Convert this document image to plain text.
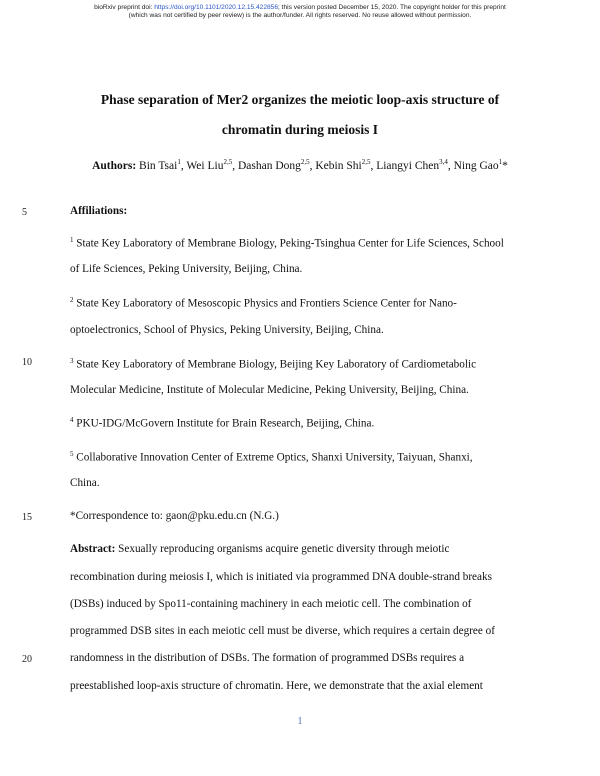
bioRxiv preprint doi: https://doi.org/10.1101/2020.12.15.422856; this version posted December 15, 2020. The copyright holder for this preprint
(which was not certified by peer review) is the author/funder. All rights reserved. No reuse allowed without permission.
Phase separation of Mer2 organizes the meiotic loop-axis structure of
chromatin during meiosis I
Authors: Bin Tsai$^1$, Wei Liu$^{2,5}$, Dashan Dong$^{2,5}$, Kebin Shi$^{2,5}$, Liangyi Chen$^{3,4}$, Ning Gao$^1$*
5
10
15
20
Affiliations:
$^1$ State Key Laboratory of Membrane Biology, Peking-Tsinghua Center for Life Sciences, School
of Life Sciences, Peking University, Beijing, China.
$^2$ State Key Laboratory of Mesoscopic Physics and Frontiers Science Center for Nano-
optoelectronics, School of Physics, Peking University, Beijing, China.
$^3$ State Key Laboratory of Membrane Biology, Beijing Key Laboratory of Cardiometabolic
Molecular Medicine, Institute of Molecular Medicine, Peking University, Beijing, China.
$^4$ PKU-IDG/McGovern Institute for Brain Research, Beijing, China.
$^5$ Collaborative Innovation Center of Extreme Optics, Shanxi University, Taiyuan, Shanxi,
China.
*Correspondence to: gaon@pku.edu.cn (N.G.)
Abstract: Sexually reproducing organisms acquire genetic diversity through meiotic
recombination during meiosis I, which is initiated via programmed DNA double-strand breaks
(DSBs) induced by Spo11-containing machinery in each meiotic cell. The combination of
programmed DSB sites in each meiotic cell must be diverse, which requires a certain degree of
randomness in the distribution of DSBs. The formation of programmed DSBs requires a
preestablished loop-axis structure of chromatin. Here, we demonstrate that the axial element
1
